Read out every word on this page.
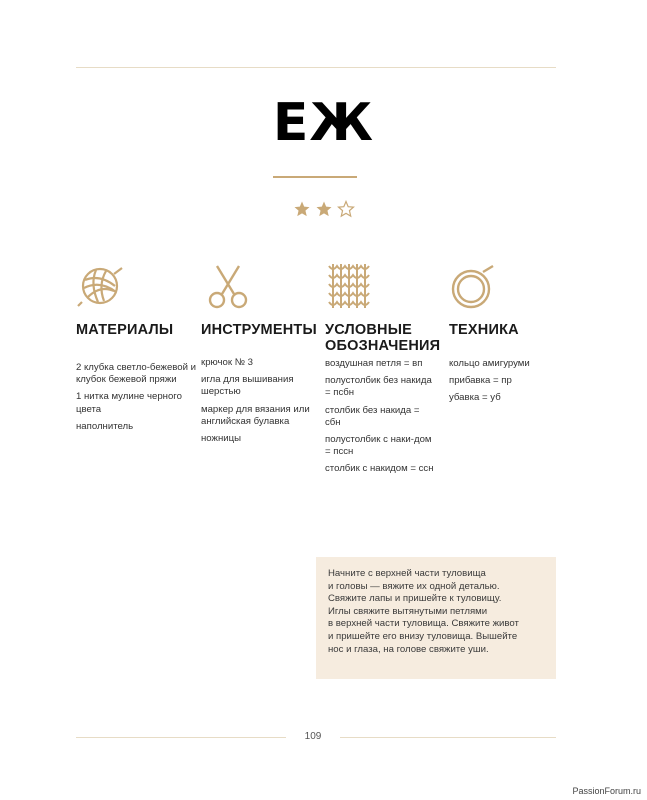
ЕЖ

МАТЕРИАЛЫ
2 клубка светло-бежевой и клубок бежевой пряжи
1 нитка мулине черного цвета
наполнитель
ИНСТРУМЕНТЫ
крючок № 3
игла для вышивания шерстью
маркер для вязания или английская булавка
ножницы
УСЛОВНЫЕ ОБОЗНАЧЕНИЯ
воздушная петля = вп
полустолбик без накида = пcбн
столбик без накида = сбн
полустолбик с наки-дом = пcсн
столбик с накидом = ccн
ТЕХНИКА
кольцо амигуруми
прибавка = пр
убавка = уб

Начните с верхней части туловища

и головы — вяжите их одной деталью.

Свяжите лапы и пришейте к туловищу.

Иглы свяжите вытянутыми петлями

в верхней части туловища. Свяжите живот

и пришейте его внизу туловища. Вышейте

нос и глаза, на голове свяжите уши.

109
PassionForum.ru
